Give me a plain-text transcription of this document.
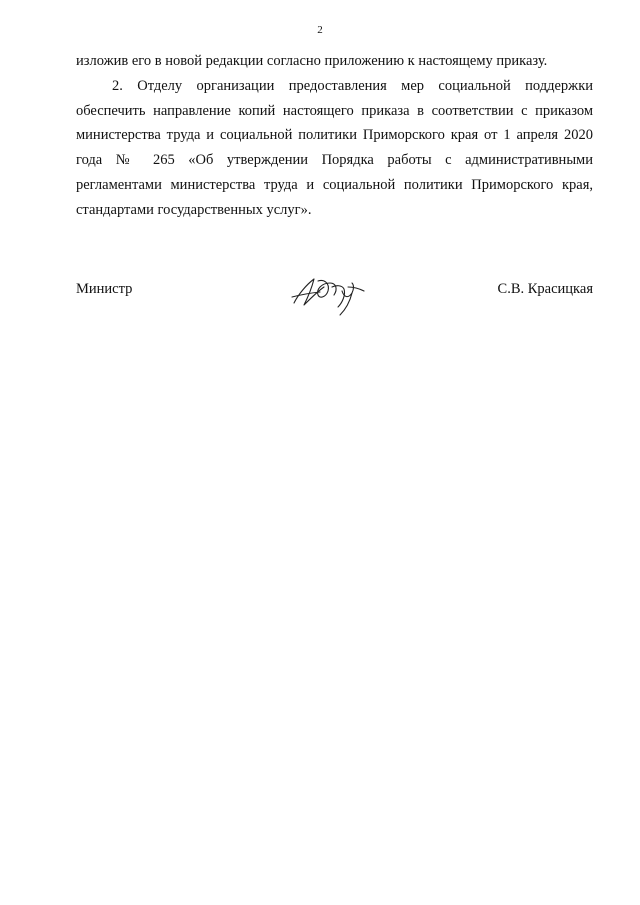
2

изложив его в новой редакции согласно приложению к настоящему приказу.

2. Отделу организации предоставления мер социальной поддержки обеспечить направление копий настоящего приказа в соответствии с приказом министерства труда и социальной политики Приморского края от 1 апреля 2020 года № 265 «Об утверждении Порядка работы с административными регламентами министерства труда и социальной политики Приморского края, стандартами государственных услуг».

Министр	С.В. Красицкая
